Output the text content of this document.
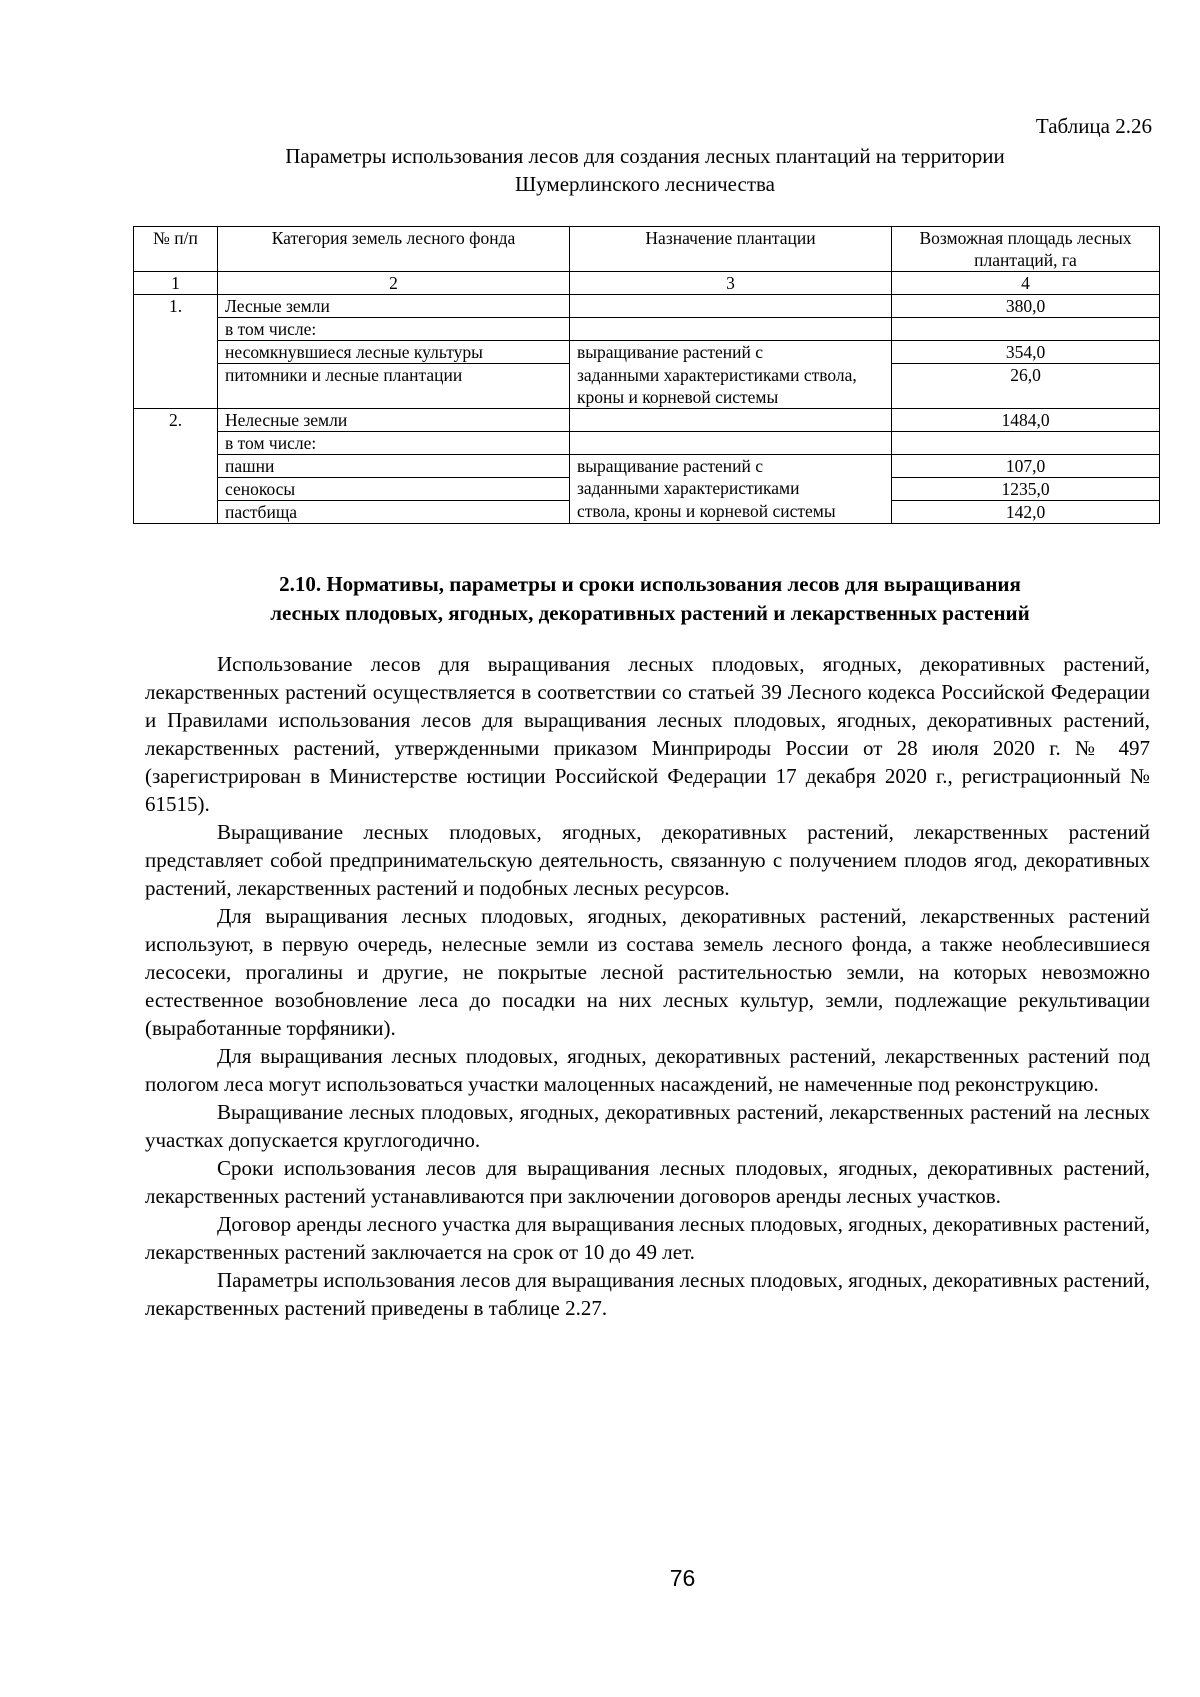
Таблица 2.26
Параметры использования лесов для создания лесных плантаций на территории
Шумерлинского лесничества
№ п/п	Категория земель лесного фонда	Назначение плантации	Возможная площадь лесных плантаций, га
1	2	3	4
1.	Лесные земли		380,0
	в том числе:		
	несомкнувшиеся лесные культуры	выращивание растений с	354,0
	питомники и лесные плантации	заданными характеристиками ствола, кроны и корневой системы	26,0
2.	Нелесные земли		1484,0
	в том числе:		
	пашни	выращивание растений с	107,0
	сенокосы	заданными характеристиками	1235,0
	пастбища	ствола, кроны и корневой системы	142,0
2.10. Нормативы, параметры и сроки использования лесов для выращивания
лесных плодовых, ягодных, декоративных растений и лекарственных растений

Использование лесов для выращивания лесных плодовых, ягодных, декоративных растений, лекарственных растений осуществляется в соответствии со статьей 39 Лесного кодекса Российской Федерации и Правилами использования лесов для выращивания лесных плодовых, ягодных, декоративных растений, лекарственных растений, утвержденными приказом Минприроды России от 28 июля 2020 г. № 497 (зарегистрирован в Министерстве юстиции Российской Федерации 17 декабря 2020 г., регистрационный № 61515).

Выращивание лесных плодовых, ягодных, декоративных растений, лекарственных растений представляет собой предпринимательскую деятельность, связанную с получением плодов ягод, декоративных растений, лекарственных растений и подобных лесных ресурсов.

Для выращивания лесных плодовых, ягодных, декоративных растений, лекарственных растений используют, в первую очередь, нелесные земли из состава земель лесного фонда, а также необлесившиеся лесосеки, прогалины и другие, не покрытые лесной растительностью земли, на которых невозможно естественное возобновление леса до посадки на них лесных культур, земли, подлежащие рекультивации (выработанные торфяники).

Для выращивания лесных плодовых, ягодных, декоративных растений, лекарственных растений под пологом леса могут использоваться участки малоценных насаждений, не намеченные под реконструкцию.

Выращивание лесных плодовых, ягодных, декоративных растений, лекарственных растений на лесных участках допускается круглогодично.

Сроки использования лесов для выращивания лесных плодовых, ягодных, декоративных растений, лекарственных растений устанавливаются при заключении договоров аренды лесных участков.

Договор аренды лесного участка для выращивания лесных плодовых, ягодных, декоративных растений, лекарственных растений заключается на срок от 10 до 49 лет.

Параметры использования лесов для выращивания лесных плодовых, ягодных, декоративных растений, лекарственных растений приведены в таблице 2.27.

76
